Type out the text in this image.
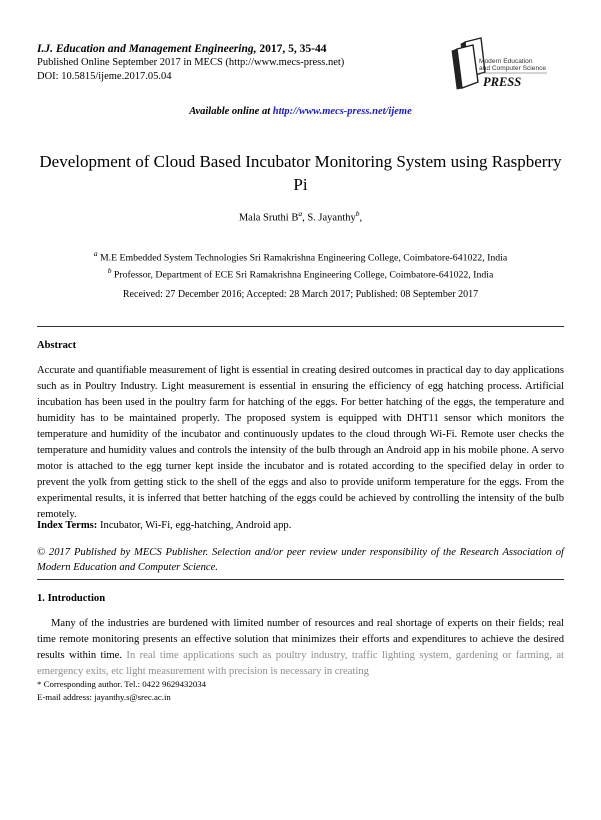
I.J. Education and Management Engineering, 2017, 5, 35-44
Published Online September 2017 in MECS (http://www.mecs-press.net)
DOI: 10.5815/ijeme.2017.05.04
Modern Education
and Computer Science
PRESS
Available online at http://www.mecs-press.net/ijeme
Development of Cloud Based Incubator Monitoring System using Raspberry Pi
Mala Sruthi $B^a$, S. Jayanthy$^b$,
$^a$ M.E Embedded System Technologies Sri Ramakrishna Engineering College, Coimbatore-641022, India
$^b$ Professor, Department of ECE Sri Ramakrishna Engineering College, Coimbatore-641022, India
Received: 27 December 2016; Accepted: 28 March 2017; Published: 08 September 2017
Abstract
Accurate and quantifiable measurement of light is essential in creating desired outcomes in practical day to day applications such as in Poultry Industry. Light measurement is essential in ensuring the efficiency of egg hatching process. Artificial incubation has been used in the poultry farm for hatching of the eggs. For better hatching of the eggs, the temperature and humidity has to be maintained properly. The proposed system is equipped with DHT11 sensor which monitors the temperature and humidity of the incubator and continuously updates to the cloud through Wi-Fi. Remote user checks the temperature and humidity values and controls the intensity of the bulb through an Android app in his mobile phone. A servo motor is attached to the egg turner kept inside the incubator and is rotated according to the specified delay in order to prevent the yolk from getting stick to the shell of the eggs and also to provide uniform temperature for the eggs. From the experimental results, it is inferred that better hatching of the eggs could be achieved by controlling the intensity of the bulb remotely.
Index Terms: Incubator, Wi-Fi, egg-hatching, Android app.
© 2017 Published by MECS Publisher. Selection and/or peer review under responsibility of the Research Association of Modern Education and Computer Science.
1. Introduction
Many of the industries are burdened with limited number of resources and real shortage of experts on their fields; real time remote monitoring presents an effective solution that minimizes their efforts and expenditures to achieve the desired results within time. In real time applications such as poultry industry, traffic lighting system, gardening or farming, at emergency exits, etc light measurement with precision is necessary in creating
* Corresponding author. Tel.: 0422 9629432034
E-mail address: jayanthy.s@srec.ac.in
